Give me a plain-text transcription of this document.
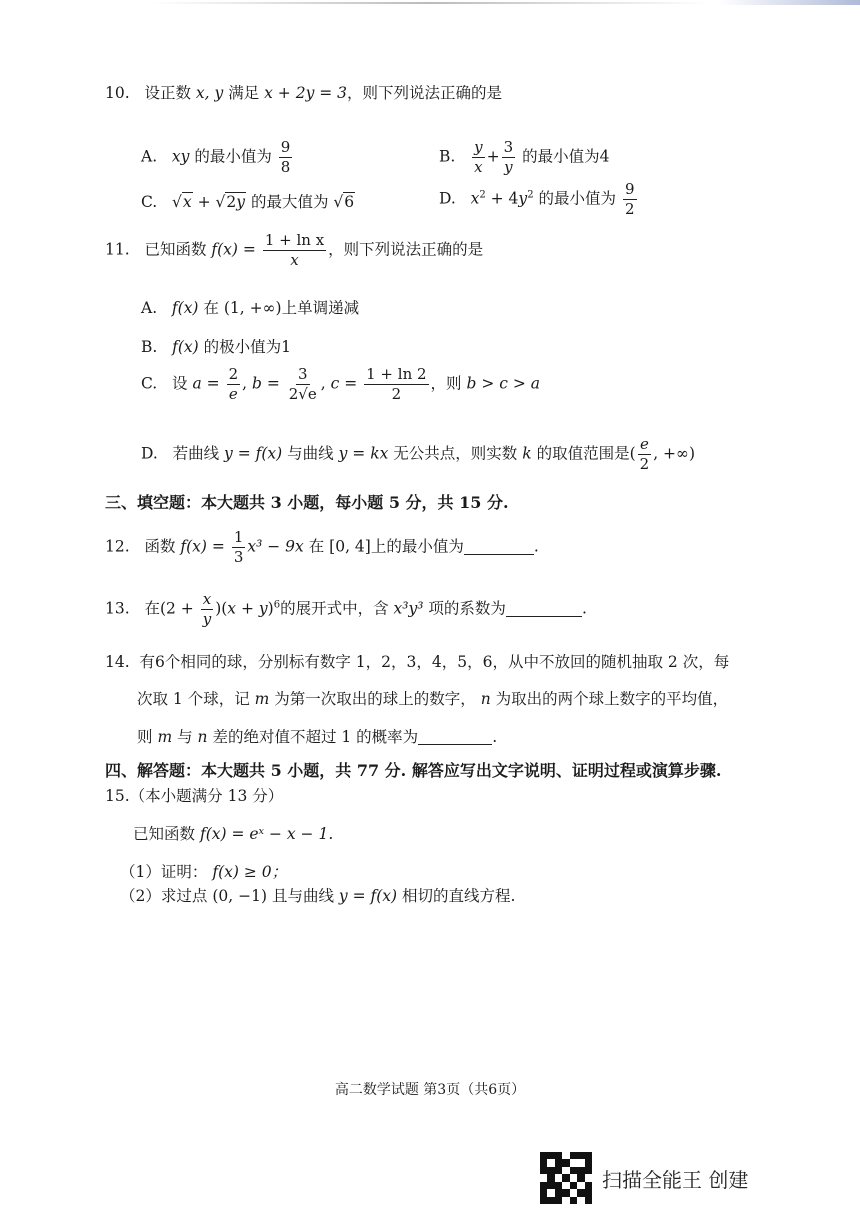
10. 设正数 x, y 满足 x + 2y = 3，则下列说法正确的是
A. xy 的最小值为 $\frac{9}{8}$	B. $\frac{y}{x} + \frac{3}{y}$ 的最小值为4
C.   √x + √2y 的最大值为 √6	D. $x^2 + 4y^2$ 的最小值为 $\frac{9}{2}$
11. 已知函数 $f(x) = \frac{\text{1 + ln x}}{x}$ ，则下列说法正确的是
A. f(x) 在 (1, +∞)上单调递减
B. f(x) 的极小值为1
C. 设 $a = \frac{2}{e}$ , $b = \frac{3}{2√e}$ , $c = \frac{1 + \ln 2}{2}$ ，则 b > c > a
D. 若曲线 y = f(x) 与曲线 y = kx 无公共点，则实数 k 的取值范围是( $\frac{e}{2}$ , +∞)
三、填空题：本大题共 3 小题，每小题 5 分，共 15 分.
12. 函数 $f(x) = \frac{1}{3} x^3 - 9x$ 在 [0, 4]上的最小值为	.
13. 在$(2 + \frac{x}{y} )(x + y)^6$的展开式中，含 x³y³ 项的系数为	.
14. 有6个相同的球，分别标有数字 1，2，3，4，5，6，从中不放回的随机抽取 2 次，每
次取 1 个球，记 m 为第一次取出的球上的数字， n 为取出的两个球上数字的平均值，
则 m 与 n 差的绝对值不超过 1 的概率为	.
四、解答题：本大题共 5 小题，共 77 分. 解答应写出文字说明、证明过程或演算步骤.
15.（本小题满分 13 分）
已知函数 f(x) = eˣ − x − 1.
（1）证明： f(x) ≥ 0；
（2）求过点 (0, −1) 且与曲线 y = f(x) 相切的直线方程.
高二数学试题 第3页（共6页）
扫描全能王 创建
